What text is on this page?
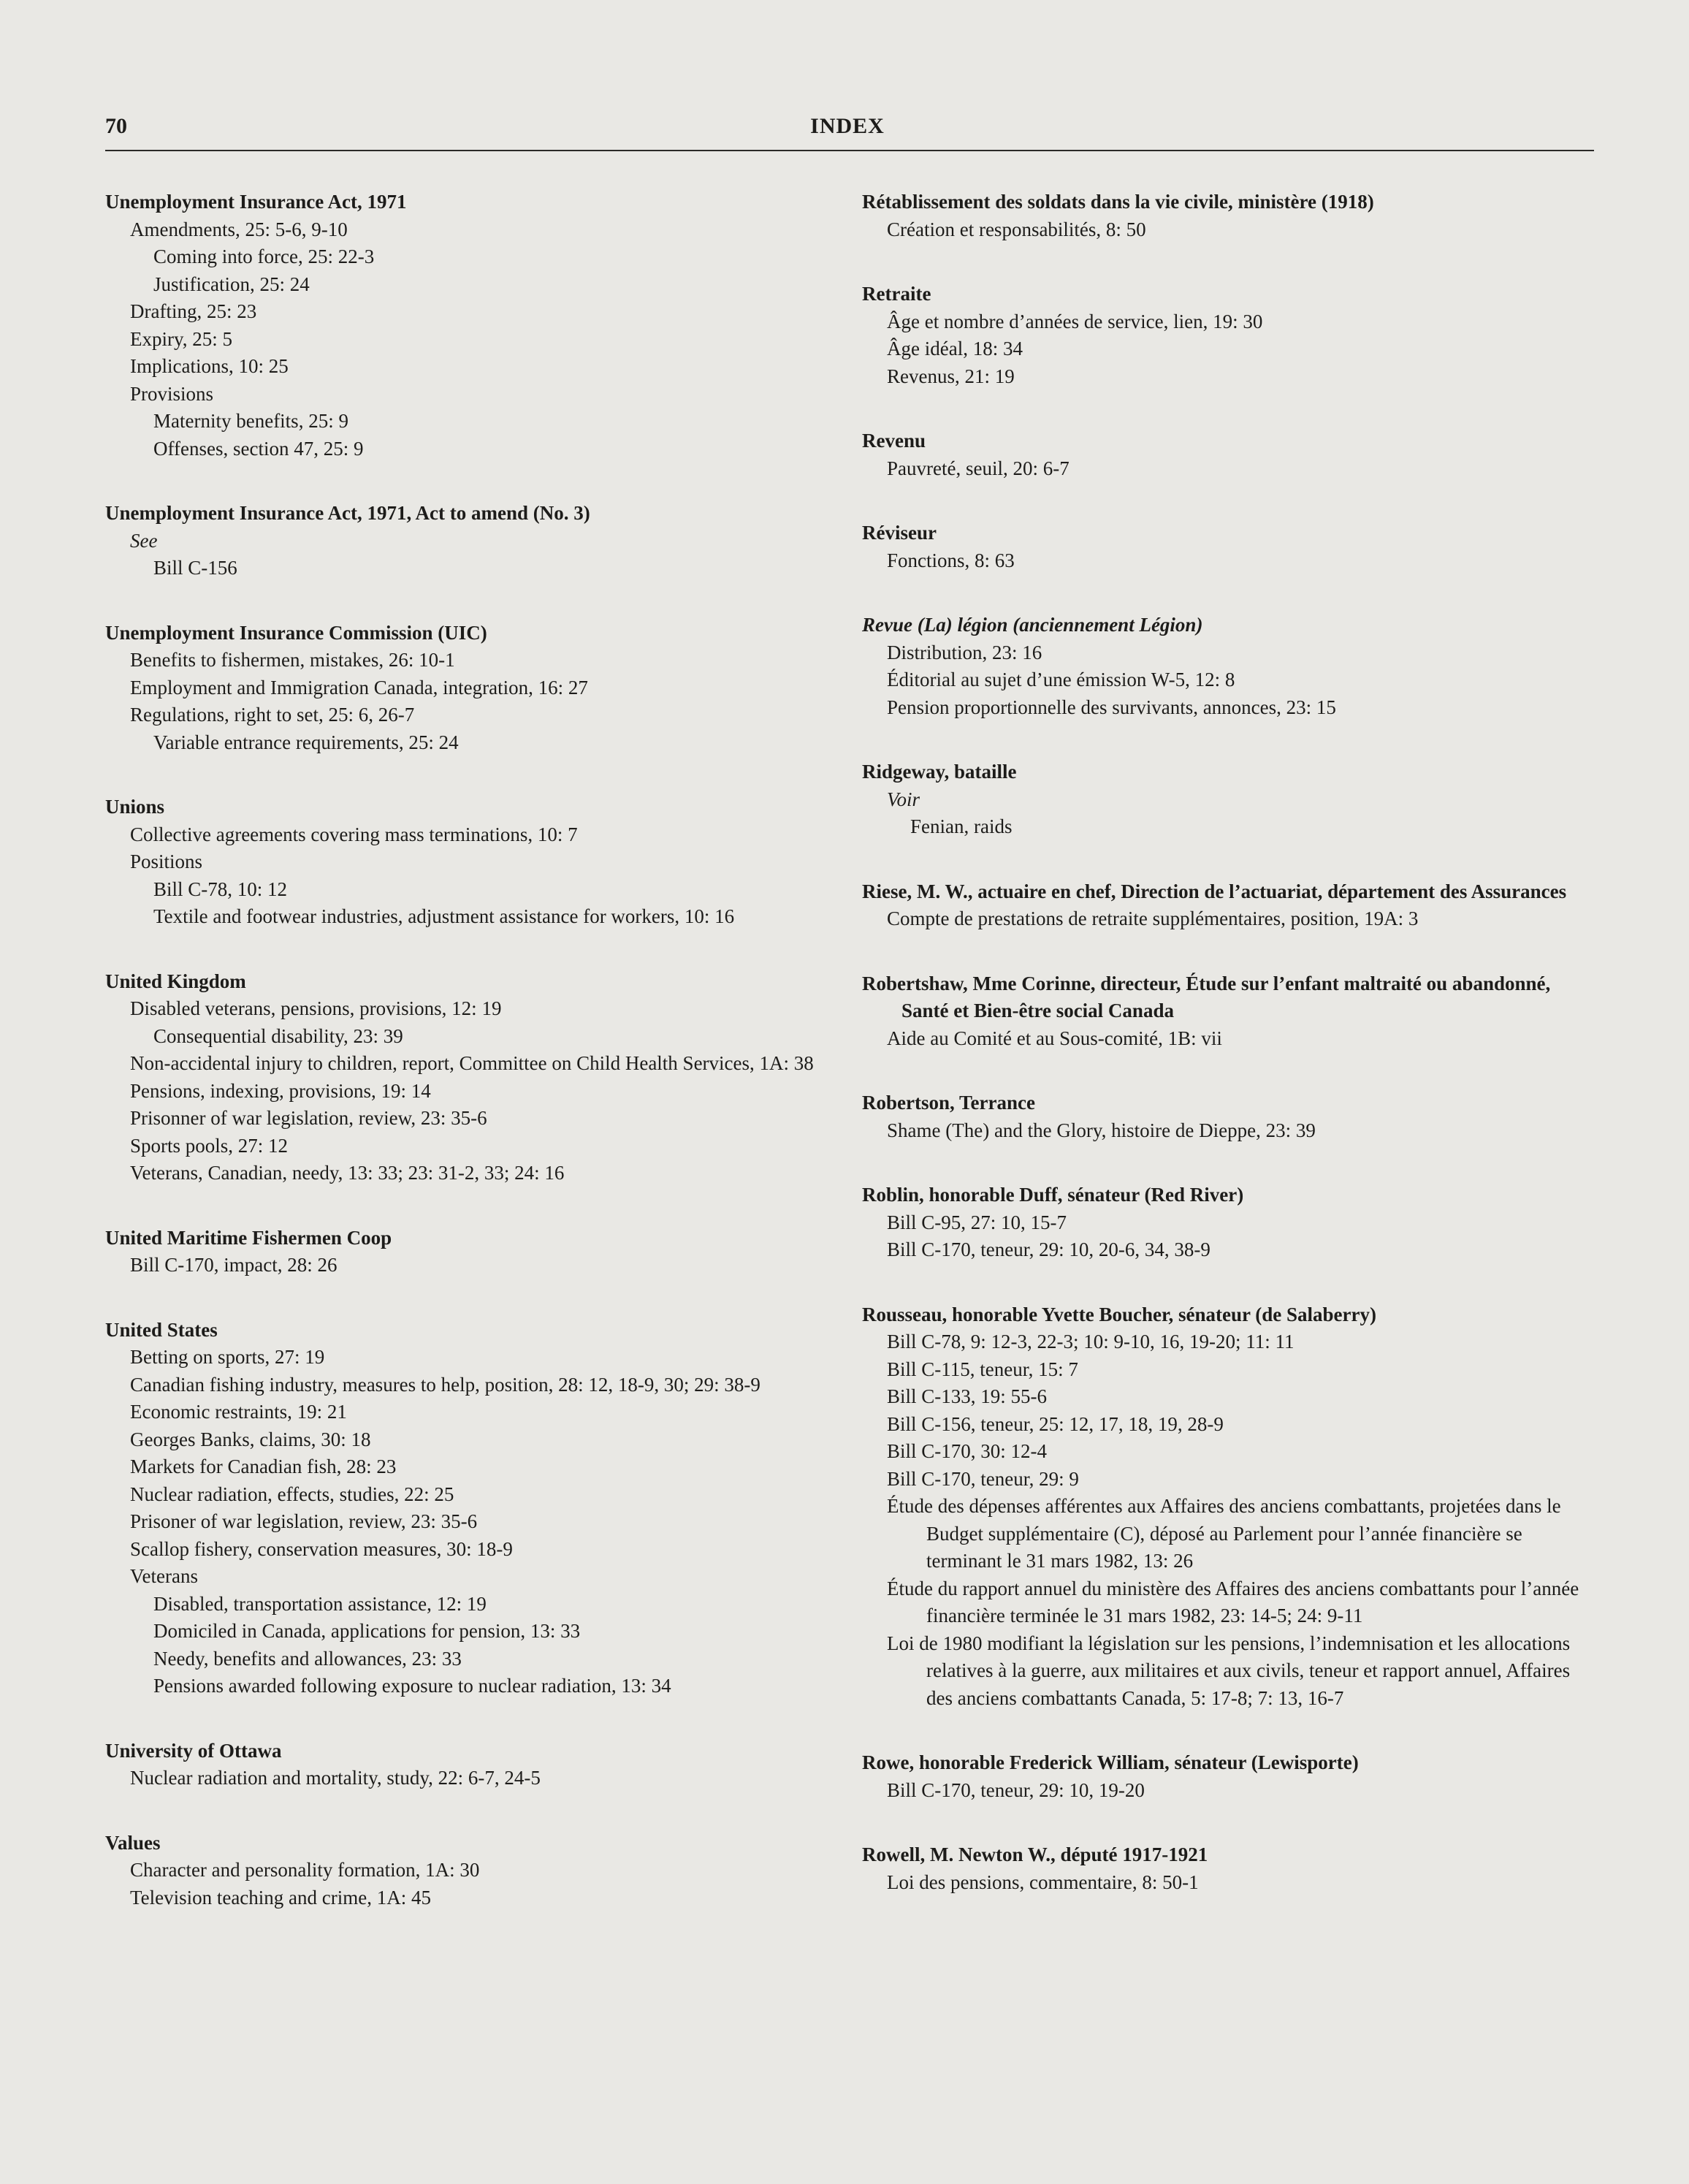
70	INDEX
Unemployment Insurance Act, 1971
Amendments, 25: 5-6, 9-10
Coming into force, 25: 22-3
Justification, 25: 24
Drafting, 25: 23
Expiry, 25: 5
Implications, 10: 25
Provisions
Maternity benefits, 25: 9
Offenses, section 47, 25: 9
Unemployment Insurance Act, 1971, Act to amend (No. 3)
See
Bill C-156
Unemployment Insurance Commission (UIC)
Benefits to fishermen, mistakes, 26: 10-1
Employment and Immigration Canada, integration, 16: 27
Regulations, right to set, 25: 6, 26-7
Variable entrance requirements, 25: 24
Unions
Collective agreements covering mass terminations, 10: 7
Positions
Bill C-78, 10: 12
Textile and footwear industries, adjustment assistance for workers, 10: 16
United Kingdom
Disabled veterans, pensions, provisions, 12: 19
Consequential disability, 23: 39
Non-accidental injury to children, report, Committee on Child Health Services, 1A: 38
Pensions, indexing, provisions, 19: 14
Prisonner of war legislation, review, 23: 35-6
Sports pools, 27: 12
Veterans, Canadian, needy, 13: 33; 23: 31-2, 33; 24: 16
United Maritime Fishermen Coop
Bill C-170, impact, 28: 26
United States
Betting on sports, 27: 19
Canadian fishing industry, measures to help, position, 28: 12, 18-9, 30; 29: 38-9
Economic restraints, 19: 21
Georges Banks, claims, 30: 18
Markets for Canadian fish, 28: 23
Nuclear radiation, effects, studies, 22: 25
Prisoner of war legislation, review, 23: 35-6
Scallop fishery, conservation measures, 30: 18-9
Veterans
Disabled, transportation assistance, 12: 19
Domiciled in Canada, applications for pension, 13: 33
Needy, benefits and allowances, 23: 33
Pensions awarded following exposure to nuclear radiation, 13: 34
University of Ottawa
Nuclear radiation and mortality, study, 22: 6-7, 24-5
Values
Character and personality formation, 1A: 30
Television teaching and crime, 1A: 45
Rétablissement des soldats dans la vie civile, ministère (1918)
Création et responsabilités, 8: 50
Retraite
Âge et nombre d’années de service, lien, 19: 30
Âge idéal, 18: 34
Revenus, 21: 19
Revenu
Pauvreté, seuil, 20: 6-7
Réviseur
Fonctions, 8: 63
Revue (La) légion (anciennement Légion)
Distribution, 23: 16
Éditorial au sujet d’une émission W-5, 12: 8
Pension proportionnelle des survivants, annonces, 23: 15
Ridgeway, bataille
Voir
Fenian, raids
Riese, M. W., actuaire en chef, Direction de l’actuariat, département des Assurances
Compte de prestations de retraite supplémentaires, position, 19A: 3
Robertshaw, Mme Corinne, directeur, Étude sur l’enfant maltraité ou abandonné, Santé et Bien-être social Canada
Aide au Comité et au Sous-comité, 1B: vii
Robertson, Terrance
Shame (The) and the Glory, histoire de Dieppe, 23: 39
Roblin, honorable Duff, sénateur (Red River)
Bill C-95, 27: 10, 15-7
Bill C-170, teneur, 29: 10, 20-6, 34, 38-9
Rousseau, honorable Yvette Boucher, sénateur (de Salaberry)
Bill C-78, 9: 12-3, 22-3; 10: 9-10, 16, 19-20; 11: 11
Bill C-115, teneur, 15: 7
Bill C-133, 19: 55-6
Bill C-156, teneur, 25: 12, 17, 18, 19, 28-9
Bill C-170, 30: 12-4
Bill C-170, teneur, 29: 9
Étude des dépenses afférentes aux Affaires des anciens combattants, projetées dans le Budget supplémentaire (C), déposé au Parlement pour l’année financière se terminant le 31 mars 1982, 13: 26
Étude du rapport annuel du ministère des Affaires des anciens combattants pour l’année financière terminée le 31 mars 1982, 23: 14-5; 24: 9-11
Loi de 1980 modifiant la législation sur les pensions, l’indemnisation et les allocations relatives à la guerre, aux militaires et aux civils, teneur et rapport annuel, Affaires des anciens combattants Canada, 5: 17-8; 7: 13, 16-7
Rowe, honorable Frederick William, sénateur (Lewisporte)
Bill C-170, teneur, 29: 10, 19-20
Rowell, M. Newton W., député 1917-1921
Loi des pensions, commentaire, 8: 50-1
